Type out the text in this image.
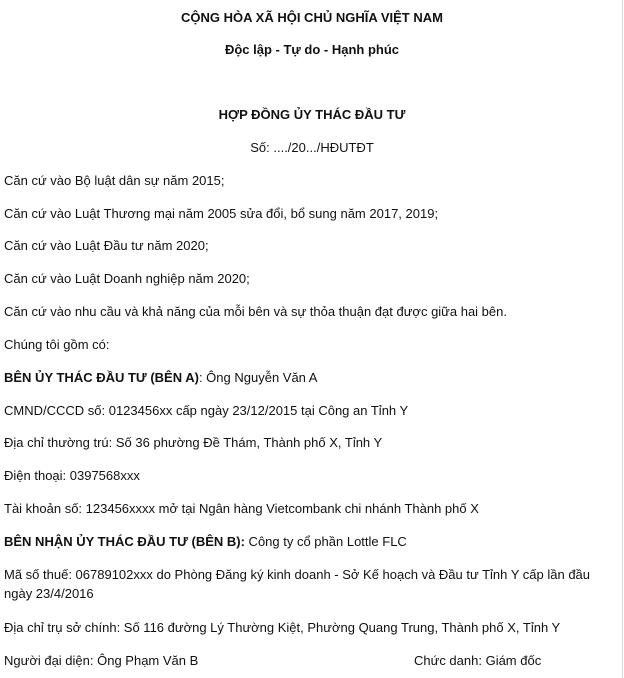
CỘNG HÒA XÃ HỘI CHỦ NGHĨA VIỆT NAM
Độc lập - Tự do - Hạnh phúc
HỢP ĐỒNG ỦY THÁC ĐẦU TƯ
Số: ..../20.../HĐUTĐT
Căn cứ vào Bộ luật dân sự năm 2015;
Căn cứ vào Luật Thương mại năm 2005 sửa đổi, bổ sung năm 2017, 2019;
Căn cứ vào Luật Đầu tư năm 2020;
Căn cứ vào Luật Doanh nghiệp năm 2020;
Căn cứ vào nhu cầu và khả năng của mỗi bên và sự thỏa thuận đạt được giữa hai bên.
Chúng tôi gồm có:
BÊN ỦY THÁC ĐẦU TƯ (BÊN A): Ông Nguyễn Văn A
CMND/CCCD số: 0123456xx cấp ngày 23/12/2015 tại Công an Tỉnh Y
Địa chỉ thường trú: Số 36 phường Đề Thám, Thành phố X, Tỉnh Y
Điện thoại: 0397568xxx
Tài khoản số: 123456xxxx mở tại Ngân hàng Vietcombank chi nhánh Thành phố X
BÊN NHẬN ỦY THÁC ĐẦU TƯ (BÊN B): Công ty cổ phần Lottle FLC
Mã số thuế: 06789102xxx do Phòng Đăng ký kinh doanh - Sở Kế hoạch và Đầu tư Tỉnh Y cấp lần đầu ngày 23/4/2016
Địa chỉ trụ sở chính: Số 116 đường Lý Thường Kiệt, Phường Quang Trung, Thành phố X, Tỉnh Y
Người đại diện: Ông Phạm Văn B	Chức danh: Giám đốc
